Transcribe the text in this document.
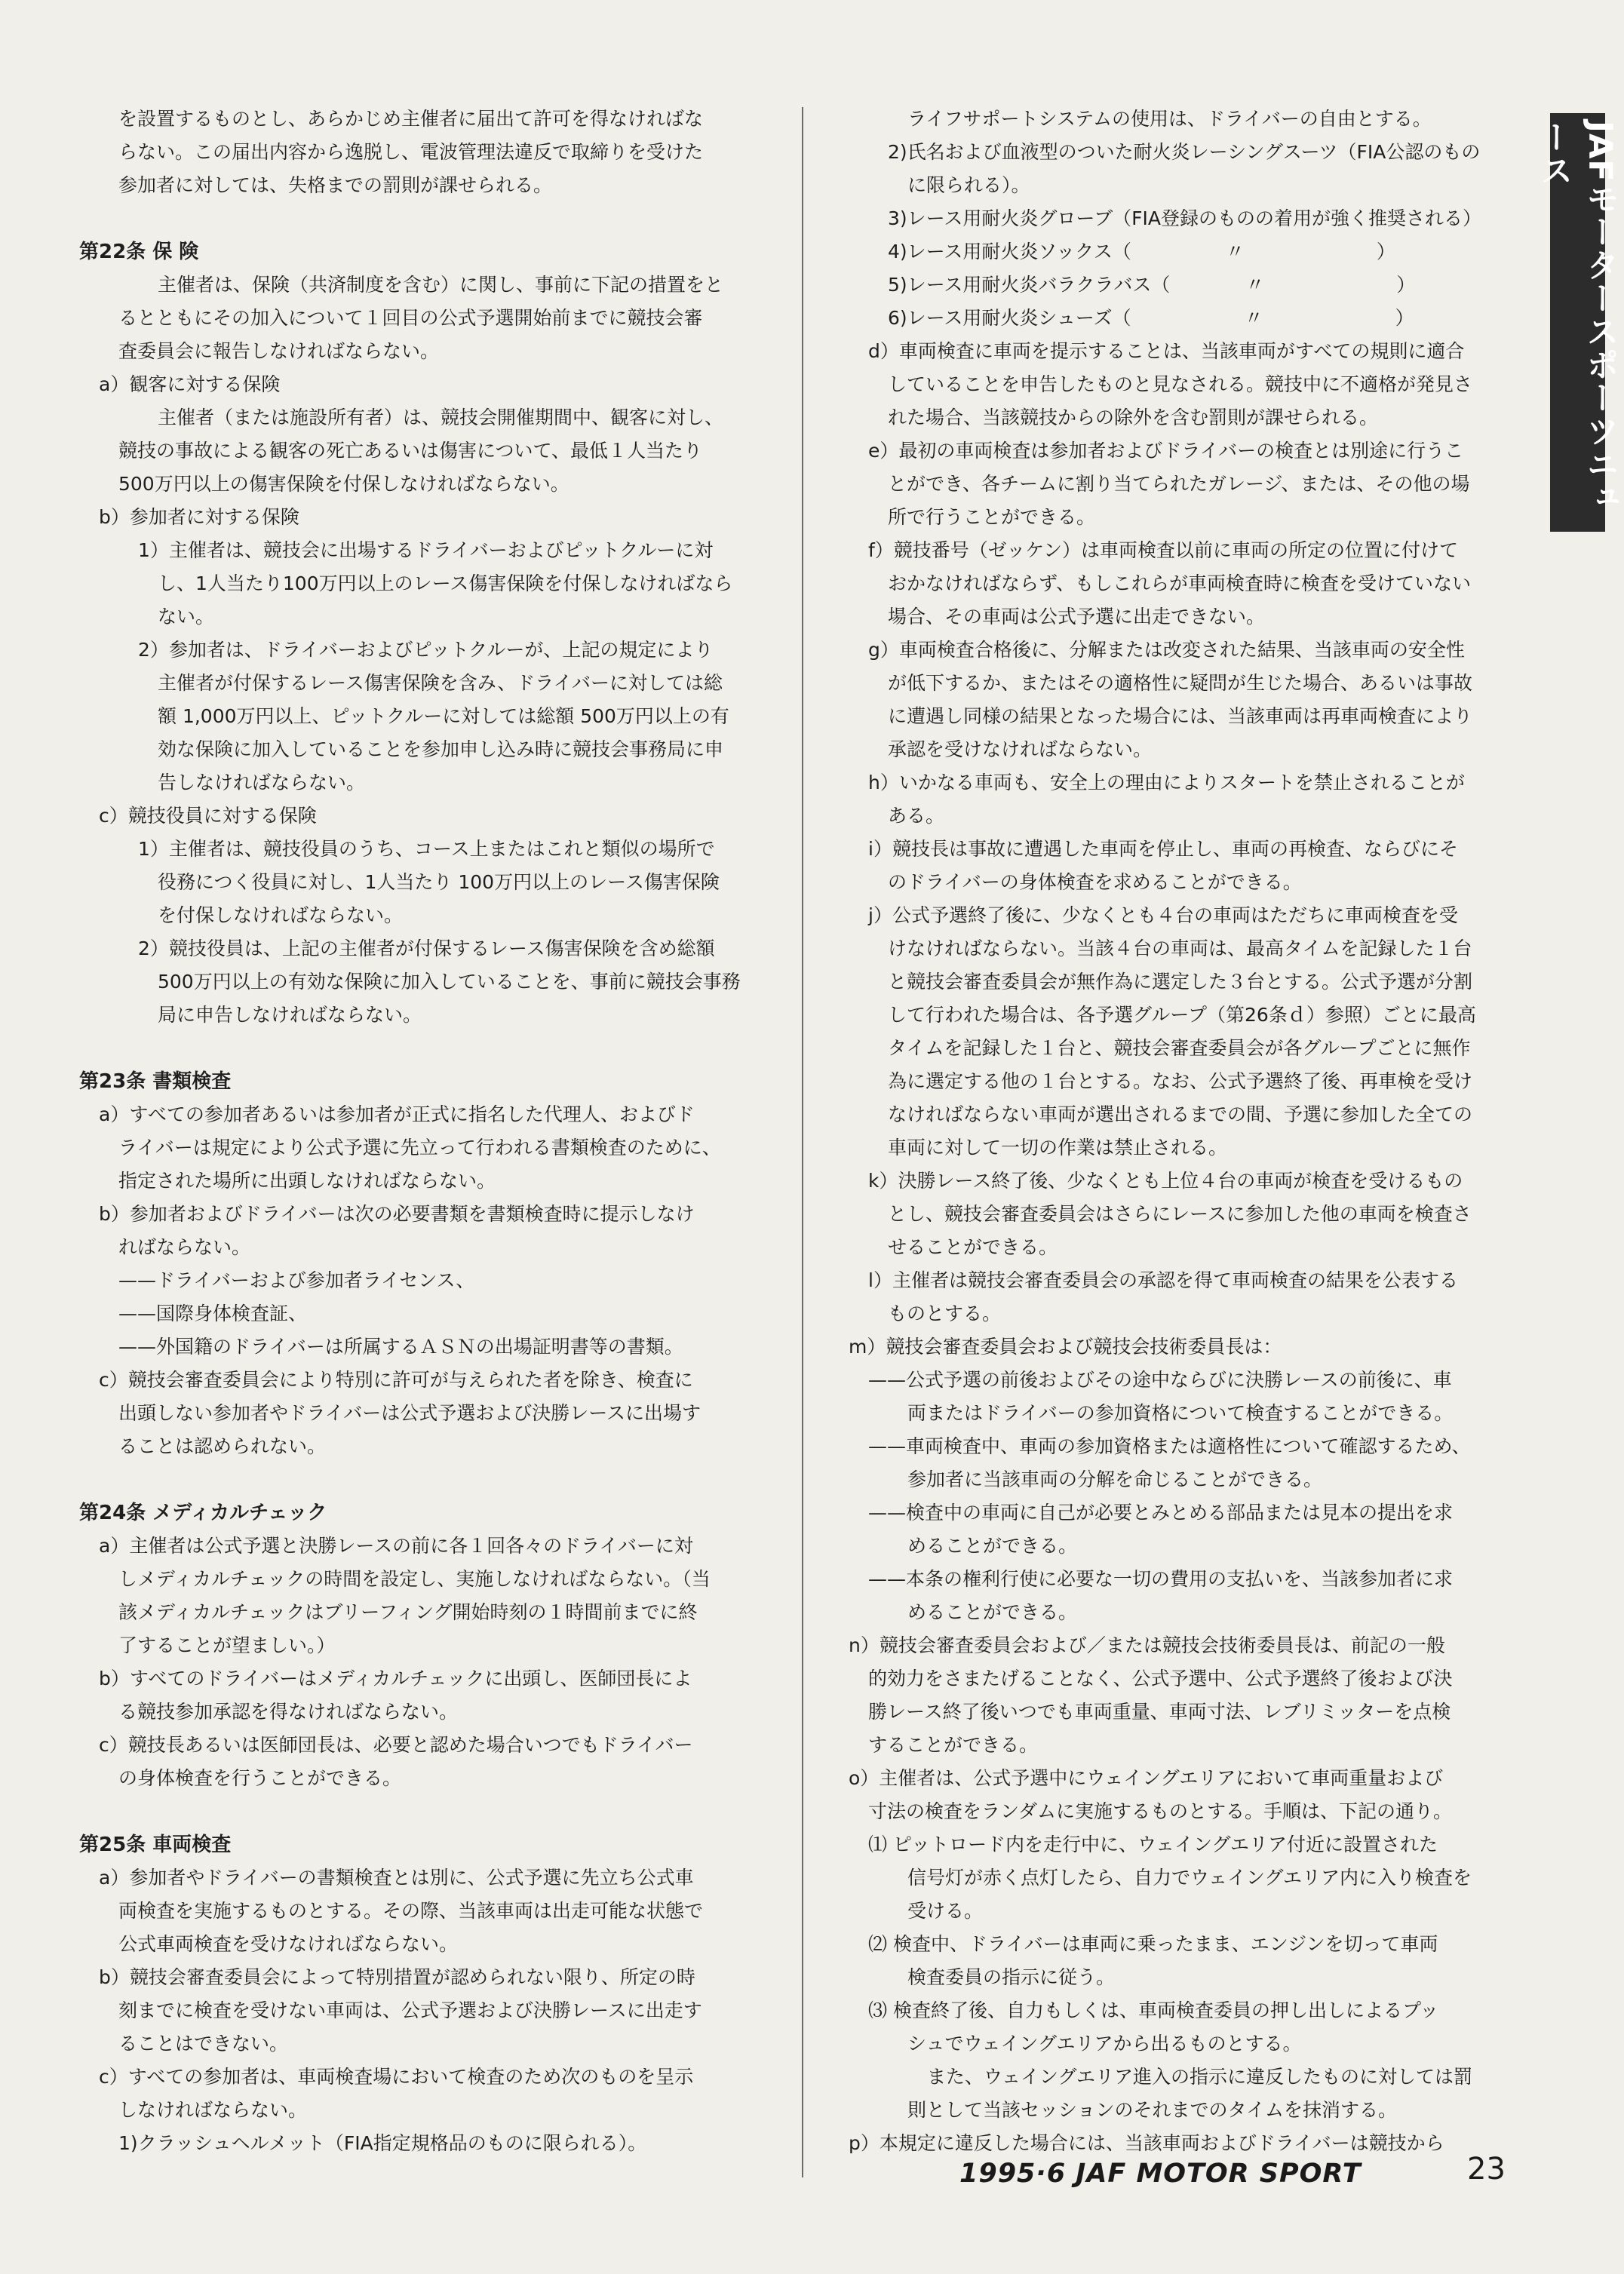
を設置するものとし、あらかじめ主催者に届出て許可を得なければな

らない。この届出内容から逸脱し、電波管理法違反で取締りを受けた

参加者に対しては、失格までの罰則が課せられる。

第22条 保 険

主催者は、保険（共済制度を含む）に関し、事前に下記の措置をと

るとともにその加入について１回目の公式予選開始前までに競技会審

査委員会に報告しなければならない。

a）観客に対する保険

主催者（または施設所有者）は、競技会開催期間中、観客に対し、

競技の事故による観客の死亡あるいは傷害について、最低１人当たり

500万円以上の傷害保険を付保しなければならない。

b）参加者に対する保険

1）主催者は、競技会に出場するドライバーおよびピットクルーに対

し、1人当たり100万円以上のレース傷害保険を付保しなければなら

ない。

2）参加者は、ドライバーおよびピットクルーが、上記の規定により

主催者が付保するレース傷害保険を含み、ドライバーに対しては総

額 1,000万円以上、ピットクルーに対しては総額 500万円以上の有

効な保険に加入していることを参加申し込み時に競技会事務局に申

告しなければならない。

c）競技役員に対する保険

1）主催者は、競技役員のうち、コース上またはこれと類似の場所で

役務につく役員に対し、1人当たり 100万円以上のレース傷害保険

を付保しなければならない。

2）競技役員は、上記の主催者が付保するレース傷害保険を含め総額

500万円以上の有効な保険に加入していることを、事前に競技会事務

局に申告しなければならない。

第23条 書類検査

a）すべての参加者あるいは参加者が正式に指名した代理人、およびド

ライバーは規定により公式予選に先立って行われる書類検査のために、

指定された場所に出頭しなければならない。

b）参加者およびドライバーは次の必要書類を書類検査時に提示しなけ

ればならない。

——ドライバーおよび参加者ライセンス、

——国際身体検査証、

——外国籍のドライバーは所属するＡＳＮの出場証明書等の書類。

c）競技会審査委員会により特別に許可が与えられた者を除き、検査に

出頭しない参加者やドライバーは公式予選および決勝レースに出場す

ることは認められない。

第24条 メディカルチェック

a）主催者は公式予選と決勝レースの前に各１回各々のドライバーに対

しメディカルチェックの時間を設定し、実施しなければならない。（当

該メディカルチェックはブリーフィング開始時刻の１時間前までに終

了することが望ましい。）

b）すべてのドライバーはメディカルチェックに出頭し、医師団長によ

る競技参加承認を得なければならない。

c）競技長あるいは医師団長は、必要と認めた場合いつでもドライバー

の身体検査を行うことができる。

第25条 車両検査

a）参加者やドライバーの書類検査とは別に、公式予選に先立ち公式車

両検査を実施するものとする。その際、当該車両は出走可能な状態で

公式車両検査を受けなければならない。

b）競技会審査委員会によって特別措置が認められない限り、所定の時

刻までに検査を受けない車両は、公式予選および決勝レースに出走す

ることはできない。

c）すべての参加者は、車両検査場において検査のため次のものを呈示

しなければならない。

1)クラッシュヘルメット（FIA指定規格品のものに限られる）。

ライフサポートシステムの使用は、ドライバーの自由とする。

2)氏名および血液型のついた耐火炎レーシングスーツ（FIA公認のもの

に限られる）。

3)レース用耐火炎グローブ（FIA登録のものの着用が強く推奨される）

4)レース用耐火炎ソックス（　　　　　〃　　　　　　　）

5)レース用耐火炎バラクラバス（　　　　〃　　　　　　　）

6)レース用耐火炎シューズ（　　　　　　〃　　　　　　　）

d）車両検査に車両を提示することは、当該車両がすべての規則に適合

していることを申告したものと見なされる。競技中に不適格が発見さ

れた場合、当該競技からの除外を含む罰則が課せられる。

e）最初の車両検査は参加者およびドライバーの検査とは別途に行うこ

とができ、各チームに割り当てられたガレージ、または、その他の場

所で行うことができる。

f）競技番号（ゼッケン）は車両検査以前に車両の所定の位置に付けて

おかなければならず、もしこれらが車両検査時に検査を受けていない

場合、その車両は公式予選に出走できない。

g）車両検査合格後に、分解または改変された結果、当該車両の安全性

が低下するか、またはその適格性に疑問が生じた場合、あるいは事故

に遭遇し同様の結果となった場合には、当該車両は再車両検査により

承認を受けなければならない。

h）いかなる車両も、安全上の理由によりスタートを禁止されることが

ある。

i）競技長は事故に遭遇した車両を停止し、車両の再検査、ならびにそ

のドライバーの身体検査を求めることができる。

j）公式予選終了後に、少なくとも４台の車両はただちに車両検査を受

けなければならない。当該４台の車両は、最高タイムを記録した１台

と競技会審査委員会が無作為に選定した３台とする。公式予選が分割

して行われた場合は、各予選グループ（第26条ｄ）参照）ごとに最高

タイムを記録した１台と、競技会審査委員会が各グループごとに無作

為に選定する他の１台とする。なお、公式予選終了後、再車検を受け

なければならない車両が選出されるまでの間、予選に参加した全ての

車両に対して一切の作業は禁止される。

k）決勝レース終了後、少なくとも上位４台の車両が検査を受けるもの

とし、競技会審査委員会はさらにレースに参加した他の車両を検査さ

せることができる。

l）主催者は競技会審査委員会の承認を得て車両検査の結果を公表する

ものとする。

m）競技会審査委員会および競技会技術委員長は：

——公式予選の前後およびその途中ならびに決勝レースの前後に、車

両またはドライバーの参加資格について検査することができる。

——車両検査中、車両の参加資格または適格性について確認するため、

参加者に当該車両の分解を命じることができる。

——検査中の車両に自己が必要とみとめる部品または見本の提出を求

めることができる。

——本条の権利行使に必要な一切の費用の支払いを、当該参加者に求

めることができる。

n）競技会審査委員会および／または競技会技術委員長は、前記の一般

的効力をさまたげることなく、公式予選中、公式予選終了後および決

勝レース終了後いつでも車両重量、車両寸法、レブリミッターを点検

することができる。

o）主催者は、公式予選中にウェイングエリアにおいて車両重量および

寸法の検査をランダムに実施するものとする。手順は、下記の通り。

⑴ ピットロード内を走行中に、ウェイングエリア付近に設置された

信号灯が赤く点灯したら、自力でウェイングエリア内に入り検査を

受ける。

⑵ 検査中、ドライバーは車両に乗ったまま、エンジンを切って車両

検査委員の指示に従う。

⑶ 検査終了後、自力もしくは、車両検査委員の押し出しによるプッ

シュでウェイングエリアから出るものとする。

また、ウェイングエリア進入の指示に違反したものに対しては罰

則として当該セッションのそれまでのタイムを抹消する。

p）本規定に違反した場合には、当該車両およびドライバーは競技から

JAFモータースポーツニュース
1995·6 JAF MOTOR SPORT	23
